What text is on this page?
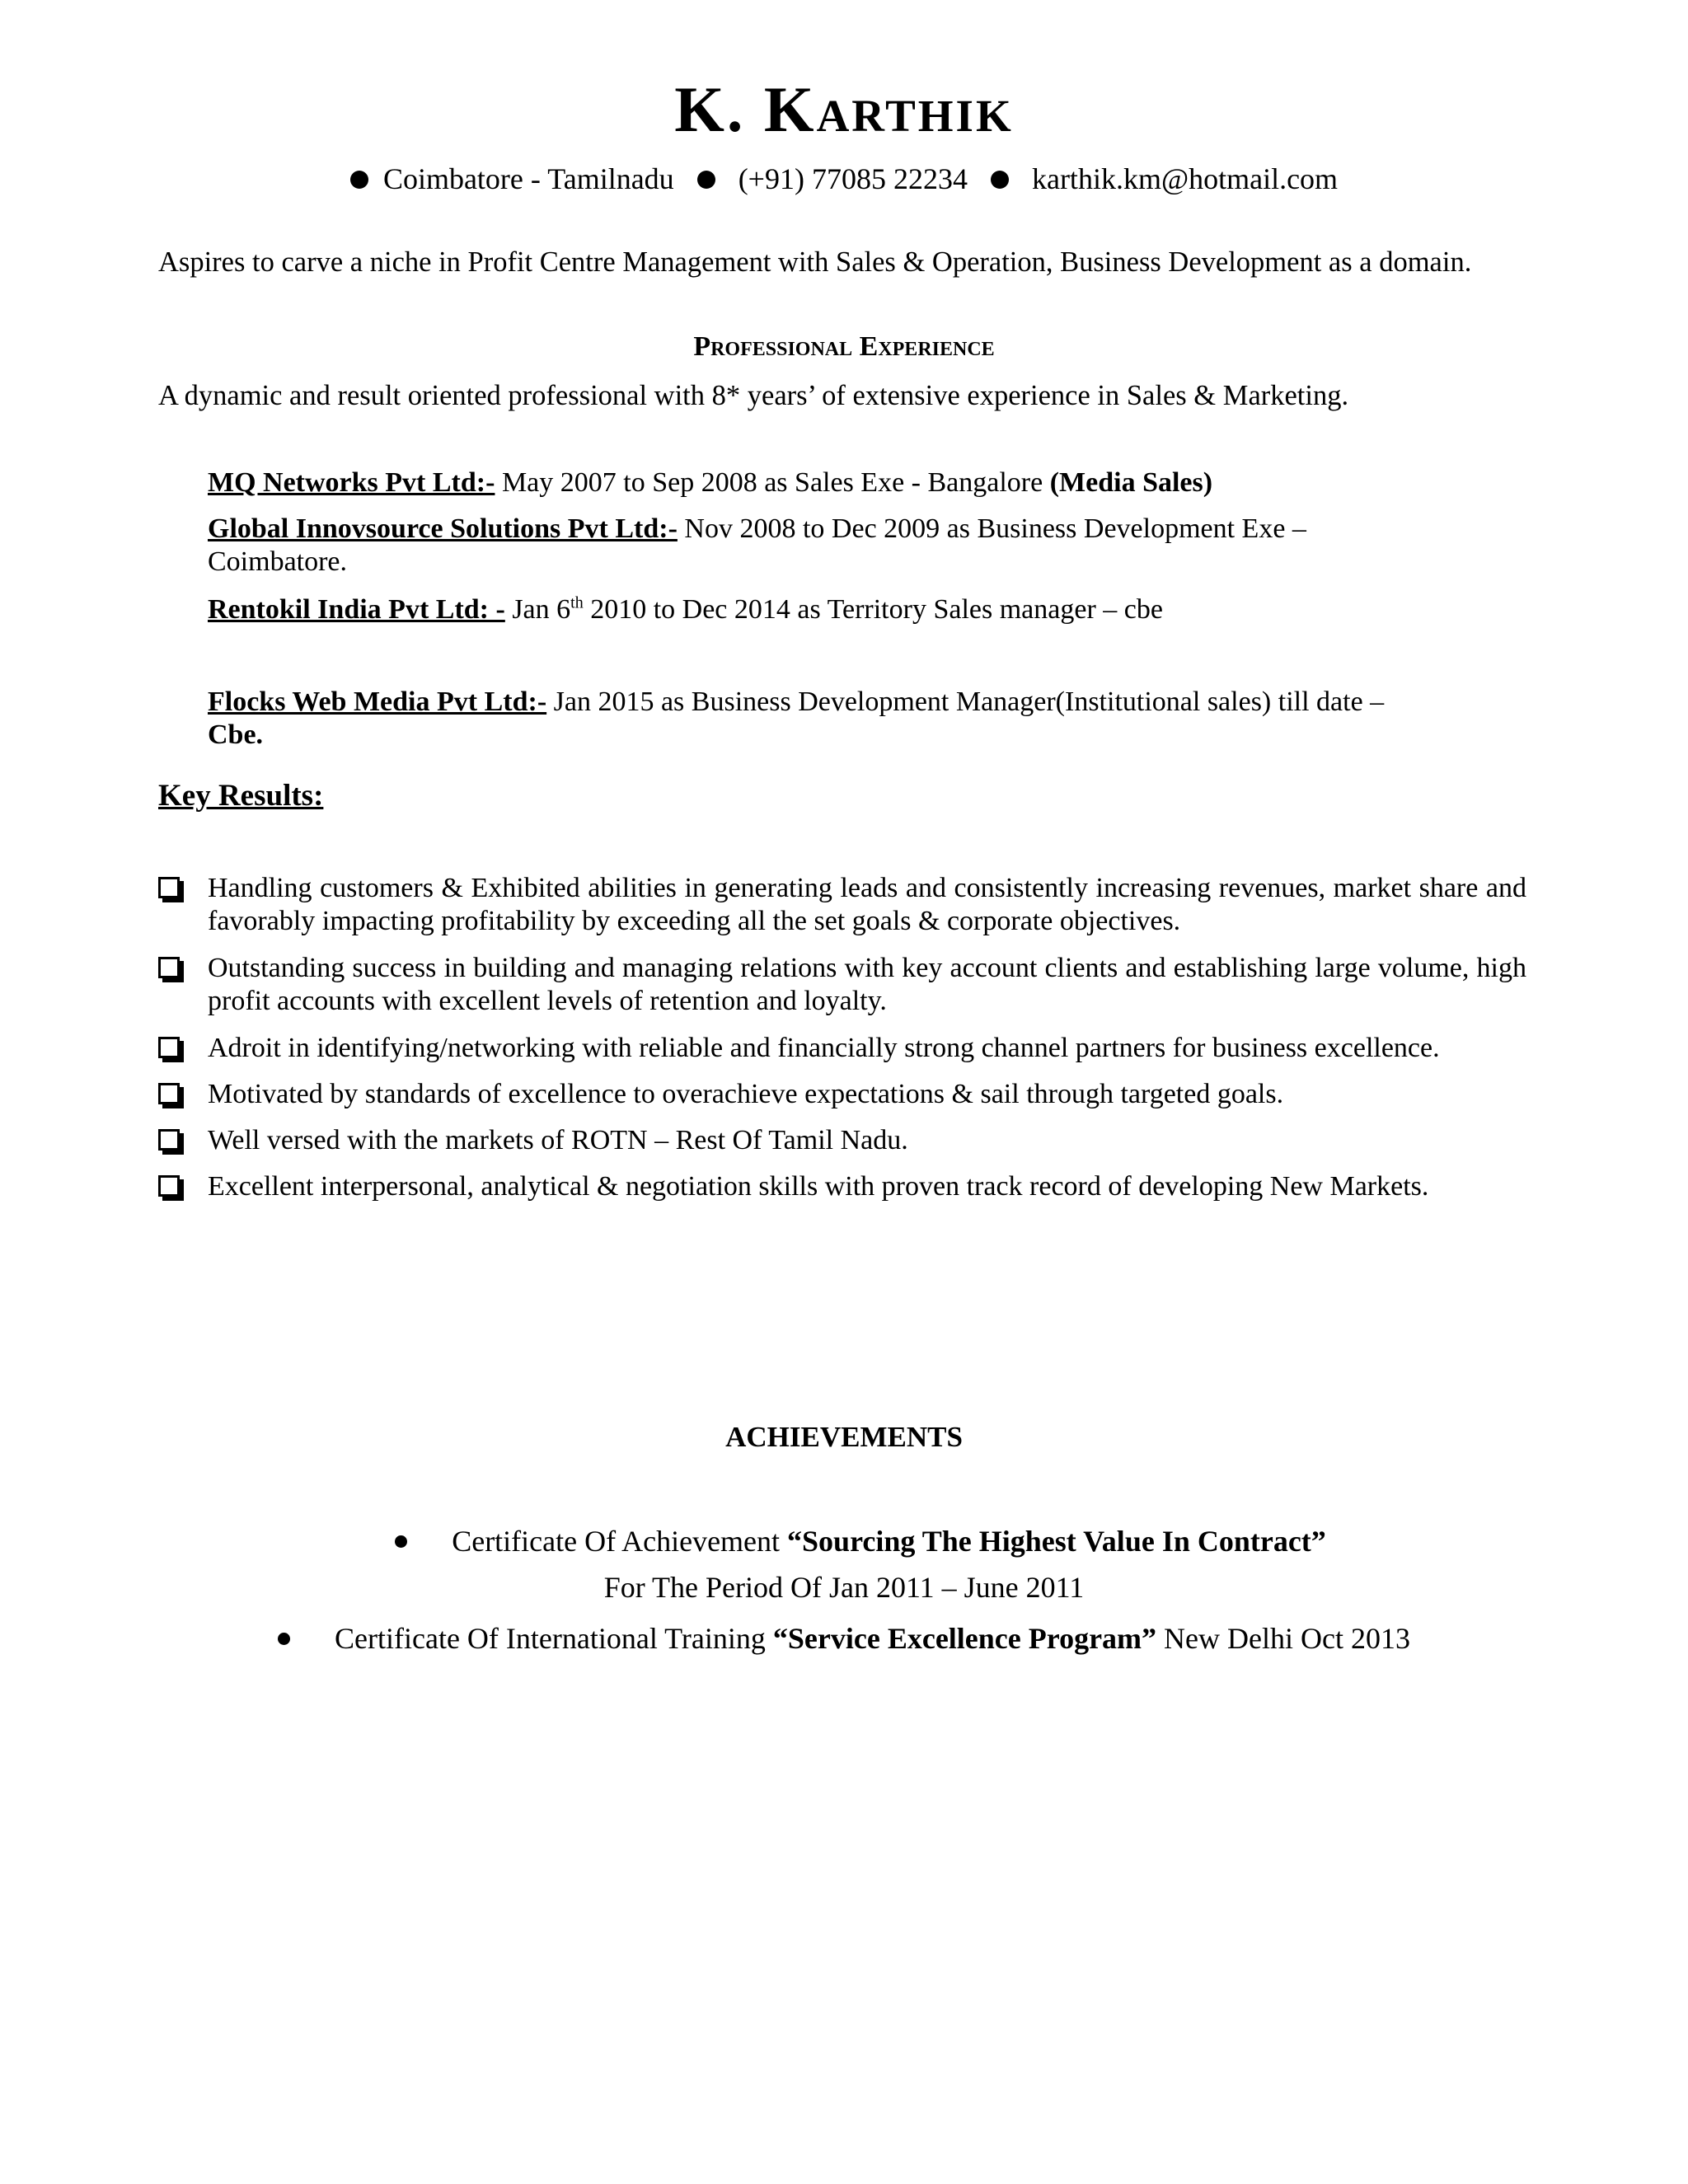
K. Karthik
Coimbatore - Tamilnadu (+91) 77085 22234 karthik.km@hotmail.com
Aspires to carve a niche in Profit Centre Management with Sales & Operation, Business Development as a domain.
Professional Experience
A dynamic and result oriented professional with 8* years’ of extensive experience in Sales & Marketing.
MQ Networks Pvt Ltd:- May 2007 to Sep 2008 as Sales Exe - Bangalore (Media Sales)
Global Innovsource Solutions Pvt Ltd:- Nov 2008 to Dec 2009 as Business Development Exe – Coimbatore.
Rentokil India Pvt Ltd: - Jan 6th 2010 to Dec 2014 as Territory Sales manager – cbe
Flocks Web Media Pvt Ltd:- Jan 2015 as Business Development Manager(Institutional sales) till date – Cbe.
Key Results:
Handling customers & Exhibited abilities in generating leads and consistently increasing revenues, market share and favorably impacting profitability by exceeding all the set goals & corporate objectives.
Outstanding success in building and managing relations with key account clients and establishing large volume, high profit accounts with excellent levels of retention and loyalty.
Adroit in identifying/networking with reliable and financially strong channel partners for business excellence.
Motivated by standards of excellence to overachieve expectations & sail through targeted goals.
Well versed with the markets of ROTN – Rest Of Tamil Nadu.
Excellent interpersonal, analytical & negotiation skills with proven track record of developing New Markets.
ACHIEVEMENTS
Certificate Of Achievement “Sourcing The Highest Value In Contract”
For The Period Of Jan 2011 – June 2011
Certificate Of International Training “Service Excellence Program” New Delhi Oct 2013
